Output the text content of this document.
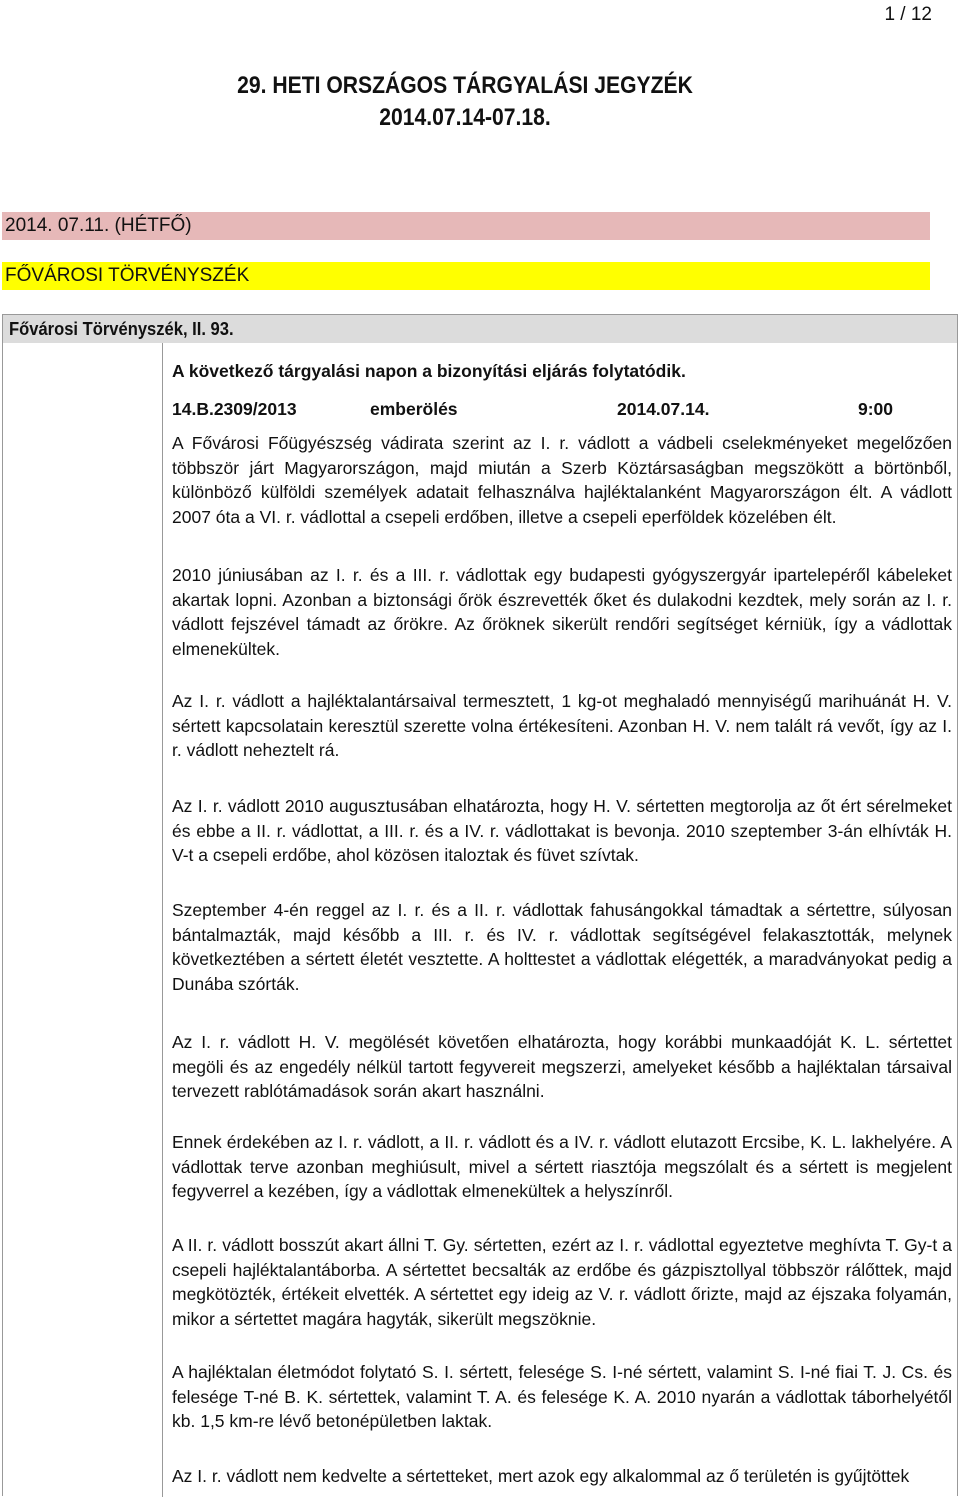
1 / 12
29. HETI ORSZÁGOS TÁRGYALÁSI JEGYZÉK
2014.07.14-07.18.
2014. 07.11. (HÉTFŐ)
FŐVÁROSI TÖRVÉNYSZÉK
Fővárosi Törvényszék, II. 93.
A következő tárgyalási napon a bizonyítási eljárás folytatódik.
14.B.2309/2013	emberölés	2014.07.14.	9:00

A Fővárosi Főügyészség vádirata szerint az I. r. vádlott a vádbeli cselekményeket megelőzően többször járt Magyarországon, majd miután a Szerb Köztársaságban megszökött a börtönből, különböző külföldi személyek adatait felhasználva hajléktalanként Magyarországon élt. A vádlott 2007 óta a VI. r. vádlottal a csepeli erdőben, illetve a csepeli eperföldek közelében élt.

2010 júniusában az I. r. és a III. r. vádlottak egy budapesti gyógyszergyár ipartelepéről kábeleket akartak lopni. Azonban a biztonsági őrök észrevették őket és dulakodni kezdtek, mely során az I. r. vádlott fejszével támadt az őrökre. Az őröknek sikerült rendőri segítséget kérniük, így a vádlottak elmenekültek.

Az I. r. vádlott a hajléktalantársaival termesztett, 1 kg-ot meghaladó mennyiségű marihuánát H. V. sértett kapcsolatain keresztül szerette volna értékesíteni. Azonban H. V. nem talált rá vevőt, így az I. r. vádlott neheztelt rá.

Az I. r. vádlott 2010 augusztusában elhatározta, hogy H. V. sértetten megtorolja az őt ért sérelmeket és ebbe a II. r. vádlottat, a III. r. és a IV. r. vádlottakat is bevonja. 2010 szeptember 3-án elhívták H. V-t a csepeli erdőbe, ahol közösen italoztak és füvet szívtak.

Szeptember 4-én reggel az I. r. és a II. r. vádlottak fahusángokkal támadtak a sértettre, súlyosan bántalmazták, majd később a III. r. és IV. r. vádlottak segítségével felakasztották, melynek következtében a sértett életét vesztette. A holttestet a vádlottak elégették, a maradványokat pedig a Dunába szórták.

Az I. r. vádlott H. V. megölését követően elhatározta, hogy korábbi munkaadóját K. L. sértettet megöli és az engedély nélkül tartott fegyvereit megszerzi, amelyeket később a hajléktalan társaival tervezett rablótámadások során akart használni.

Ennek érdekében az I. r. vádlott, a II. r. vádlott és a IV. r. vádlott elutazott Ercsibe, K. L. lakhelyére. A vádlottak terve azonban meghiúsult, mivel a sértett riasztója megszólalt és a sértett is megjelent fegyverrel a kezében, így a vádlottak elmenekültek a helyszínről.

A II. r. vádlott bosszút akart állni T. Gy. sértetten, ezért az I. r. vádlottal egyeztetve meghívta T. Gy-t a csepeli hajléktalantáborba. A sértettet becsalták az erdőbe és gázpisztollyal többször rálőttek, majd megkötözték, értékeit elvették. A sértettet egy ideig az V. r. vádlott őrizte, majd az éjszaka folyamán, mikor a sértettet magára hagyták, sikerült megszöknie.

A hajléktalan életmódot folytató S. I. sértett, felesége S. I-né sértett, valamint S. I-né fiai T. J. Cs. és felesége T-né B. K. sértettek, valamint T. A. és felesége K. A. 2010 nyarán a vádlottak táborhelyétől kb. 1,5 km-re lévő betonépületben laktak.

Az I. r. vádlott nem kedvelte a sértetteket, mert azok egy alkalommal az ő területén is gyűjtöttek
